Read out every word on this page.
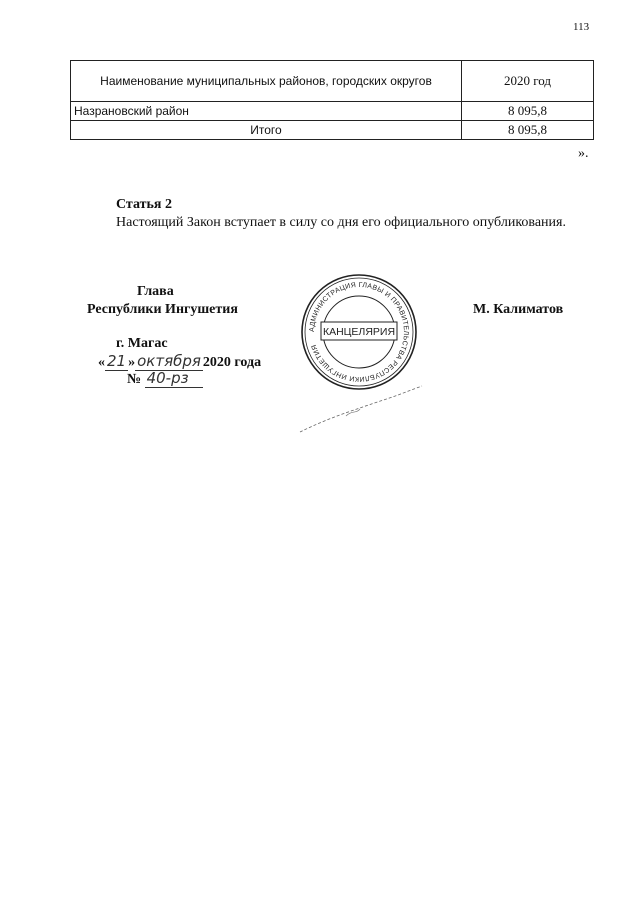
113
Наименование муниципальных районов, городских округов	2020 год
Назрановский район	8 095,8
Итого	8 095,8
».
Статья 2
Настоящий Закон вступает в силу со дня его официального опубликования.
Глава
Республики Ингушетия	М. Калиматов
г. Магас
« 21 » октября 2020 года
№ 40-рз
АДМИНИСТРАЦИЯ ГЛАВЫ И ПРАВИТЕЛЬСТВА РЕСПУБЛИКИ ИНГУШЕТИЯ
КАНЦЕЛЯРИЯ
